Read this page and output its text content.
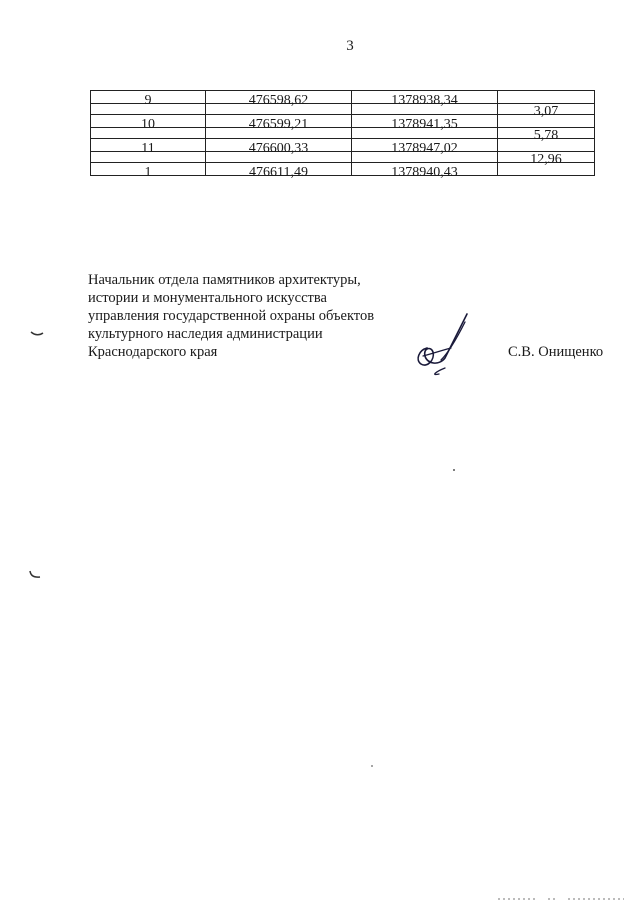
3
9	476598,62	1378938,34	
			3,07
10	476599,21	1378941,35	
			5,78
11	476600,33	1378947,02	
			12,96
1	476611,49	1378940,43	
Начальник отдела памятников архитектуры,
истории и монументального искусства
управления государственной охраны объектов
культурного наследия администрации
Краснодарского края	С.В. Онищенко
